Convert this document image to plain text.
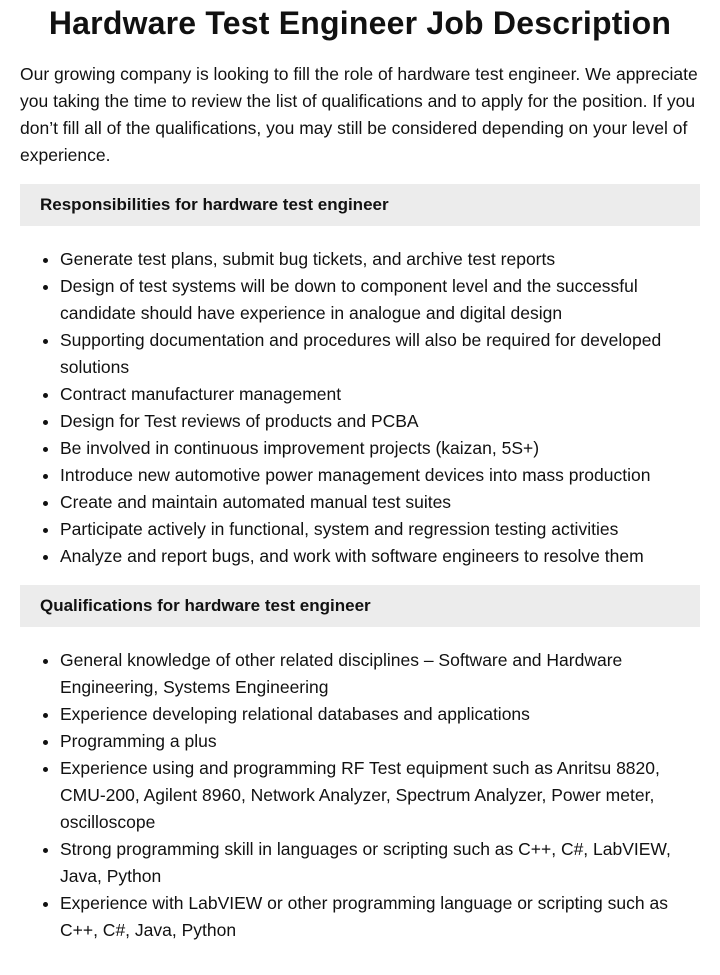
Hardware Test Engineer Job Description

Our growing company is looking to fill the role of hardware test engineer. We appreciate you taking the time to review the list of qualifications and to apply for the position. If you don’t fill all of the qualifications, you may still be considered depending on your level of experience.

Responsibilities for hardware test engineer
• Generate test plans, submit bug tickets, and archive test reports
• Design of test systems will be down to component level and the successful candidate should have experience in analogue and digital design
• Supporting documentation and procedures will also be required for developed solutions
• Contract manufacturer management
• Design for Test reviews of products and PCBA
• Be involved in continuous improvement projects (kaizan, 5S+)
• Introduce new automotive power management devices into mass production
• Create and maintain automated manual test suites
• Participate actively in functional, system and regression testing activities
• Analyze and report bugs, and work with software engineers to resolve them
Qualifications for hardware test engineer
• General knowledge of other related disciplines – Software and Hardware Engineering, Systems Engineering
• Experience developing relational databases and applications
• Programming a plus
• Experience using and programming RF Test equipment such as Anritsu 8820, CMU-200, Agilent 8960, Network Analyzer, Spectrum Analyzer, Power meter, oscilloscope
• Strong programming skill in languages or scripting such as C++, C#, LabVIEW, Java, Python
• Experience with LabVIEW or other programming language or scripting such as C++, C#, Java, Python
